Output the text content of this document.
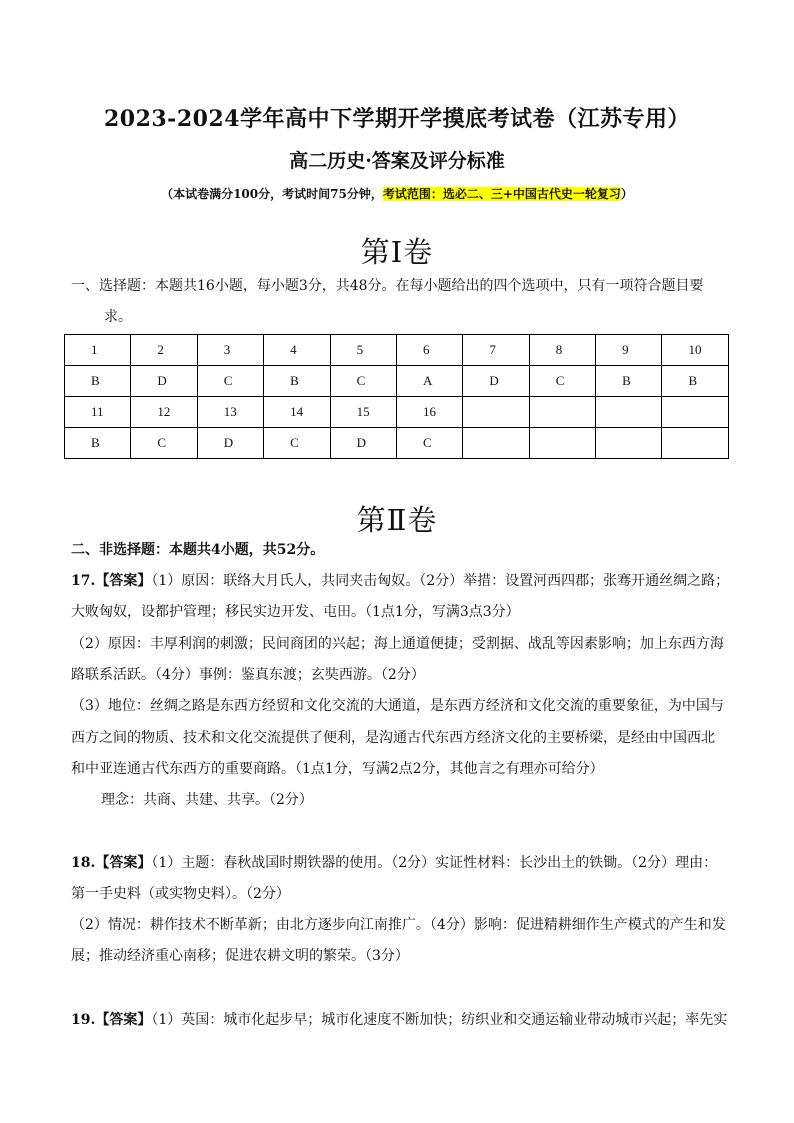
2023-2024学年高中下学期开学摸底考试卷（江苏专用）
高二历史·答案及评分标准
（本试卷满分100分，考试时间75分钟，考试范围：选必二、三+中国古代史一轮复习）
第Ⅰ卷
一、选择题：本题共16小题，每小题3分，共48分。在每小题给出的四个选项中，只有一项符合题目要
求。
1	2	3	4	5	6	7	8	9	10
B	D	C	B	C	A	D	C	B	B
11	12	13	14	15	16				
B	C	D	C	D	C				
第Ⅱ卷
二、非选择题：本题共4小题，共52分。
17.【答案】（1）原因：联络大月氏人，共同夹击匈奴。（2分）举措：设置河西四郡；张骞开通丝绸之路；
大败匈奴，设都护管理；移民实边开发、屯田。（1点1分，写满3点3分）
（2）原因：丰厚利润的刺激；民间商团的兴起；海上通道便捷；受割据、战乱等因素影响；加上东西方海
路联系活跃。（4分）事例：鉴真东渡；玄奘西游。（2分）
（3）地位：丝绸之路是东西方经贸和文化交流的大通道，是东西方经济和文化交流的重要象征，为中国与
西方之间的物质、技术和文化交流提供了便利，是沟通古代东西方经济文化的主要桥梁，是经由中国西北
和中亚连通古代东西方的重要商路。（1点1分，写满2点2分，其他言之有理亦可给分）
理念：共商、共建、共享。（2分）
18.【答案】（1）主题：春秋战国时期铁器的使用。（2分）实证性材料：长沙出土的铁锄。（2分）理由：
第一手史料（或实物史料）。（2分）
（2）情况：耕作技术不断革新；由北方逐步向江南推广。（4分）影响：促进精耕细作生产模式的产生和发
展；推动经济重心南移；促进农耕文明的繁荣。（3分）
19.【答案】（1）英国：城市化起步早；城市化速度不断加快；纺织业和交通运输业带动城市兴起；率先实
